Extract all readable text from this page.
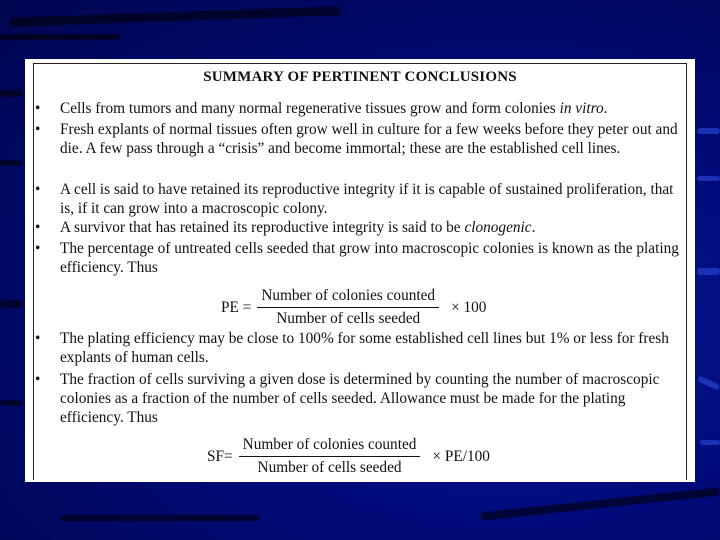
SUMMARY OF PERTINENT CONCLUSIONS
•	Cells from tumors and many normal regenerative tissues grow and form colonies in vitro.
•	Fresh explants of normal tissues often grow well in culture for a few weeks before they peter out and die. A few pass through a “crisis” and become immortal; these are the established cell lines.
•	A cell is said to have retained its reproductive integrity if it is capable of sustained proliferation, that is, if it can grow into a macroscopic colony.
•	A survivor that has retained its reproductive integrity is said to be clonogenic.
•	The percentage of untreated cells seeded that grow into macroscopic colonies is known as the plating efficiency. Thus
PE = $\frac{\text{Number of colonies counted}}{\text{Number of cells seeded}} \times 100$
•	The plating efficiency may be close to 100% for some established cell lines but 1% or less for fresh explants of human cells.
•	The fraction of cells surviving a given dose is determined by counting the number of macroscopic colonies as a fraction of the number of cells seeded. Allowance must be made for the plating efficiency. Thus
$SF= \frac{\text{Number of colonies counted}}{\text{Number of cells seeded}} \times PE/100$
